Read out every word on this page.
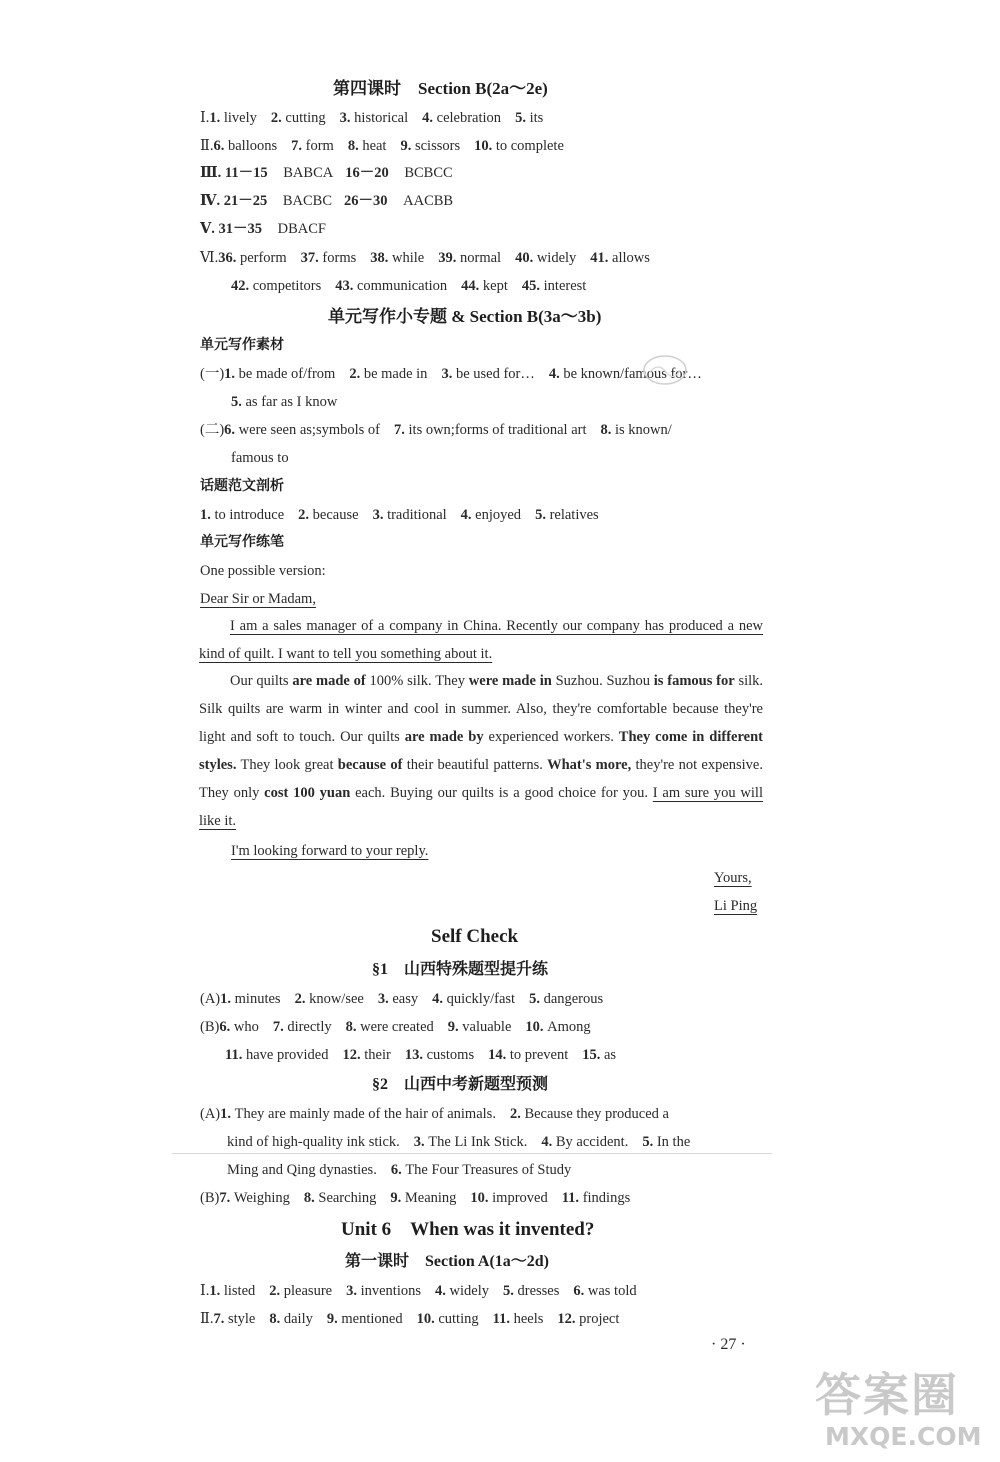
第四课时　Section B(2a～2e)
Ⅰ.1. lively 2. cutting 3. historical 4. celebration 5. its
Ⅱ.6. balloons 7. form 8. heat 9. scissors 10. to complete
Ⅲ. 11－15 BABCA 16－20 BCBCC
Ⅳ. 21－25 BACBC 26－30 AACBB
Ⅴ. 31－35 DBACF
Ⅵ.36. perform 37. forms 38. while 39. normal 40. widely 41. allows
42. competitors 43. communication 44. kept 45. interest
单元写作小专题 & Section B(3a～3b)
单元写作素材
(一)1. be made of/from 2. be made in 3. be used for… 4. be known/famous for…
5. as far as I know
(二)6. were seen as;symbols of 7. its own;forms of traditional art 8. is known/
famous to
话题范文剖析
1. to introduce 2. because 3. traditional 4. enjoyed 5. relatives
单元写作练笔
One possible version:
Dear Sir or Madam,
I am a sales manager of a company in China. Recently our company has produced a new kind of quilt. I want to tell you something about it.
Our quilts are made of 100% silk. They were made in Suzhou. Suzhou is famous for silk. Silk quilts are warm in winter and cool in summer. Also, they're comfortable because they're light and soft to touch. Our quilts are made by experienced workers. They come in different styles. They look great because of their beautiful patterns. What's more, they're not expensive. They only cost 100 yuan each. Buying our quilts is a good choice for you. I am sure you will like it.
I'm looking forward to your reply.
Yours,
Li Ping
Self Check
§1　山西特殊题型提升练
(A)1. minutes 2. know/see 3. easy 4. quickly/fast 5. dangerous
(B)6. who 7. directly 8. were created 9. valuable 10. Among
11. have provided 12. their 13. customs 14. to prevent 15. as
§2　山西中考新题型预测
(A)1. They are mainly made of the hair of animals. 2. Because they produced a
kind of high-quality ink stick. 3. The Li Ink Stick. 4. By accident. 5. In the
Ming and Qing dynasties. 6. The Four Treasures of Study
(B)7. Weighing 8. Searching 9. Meaning 10. improved 11. findings
Unit 6　When was it invented?
第一课时　Section A(1a～2d)
Ⅰ.1. listed 2. pleasure 3. inventions 4. widely 5. dresses 6. was told
Ⅱ.7. style 8. daily 9. mentioned 10. cutting 11. heels 12. project
· 27 ·
答案圈
MXQE.COM
